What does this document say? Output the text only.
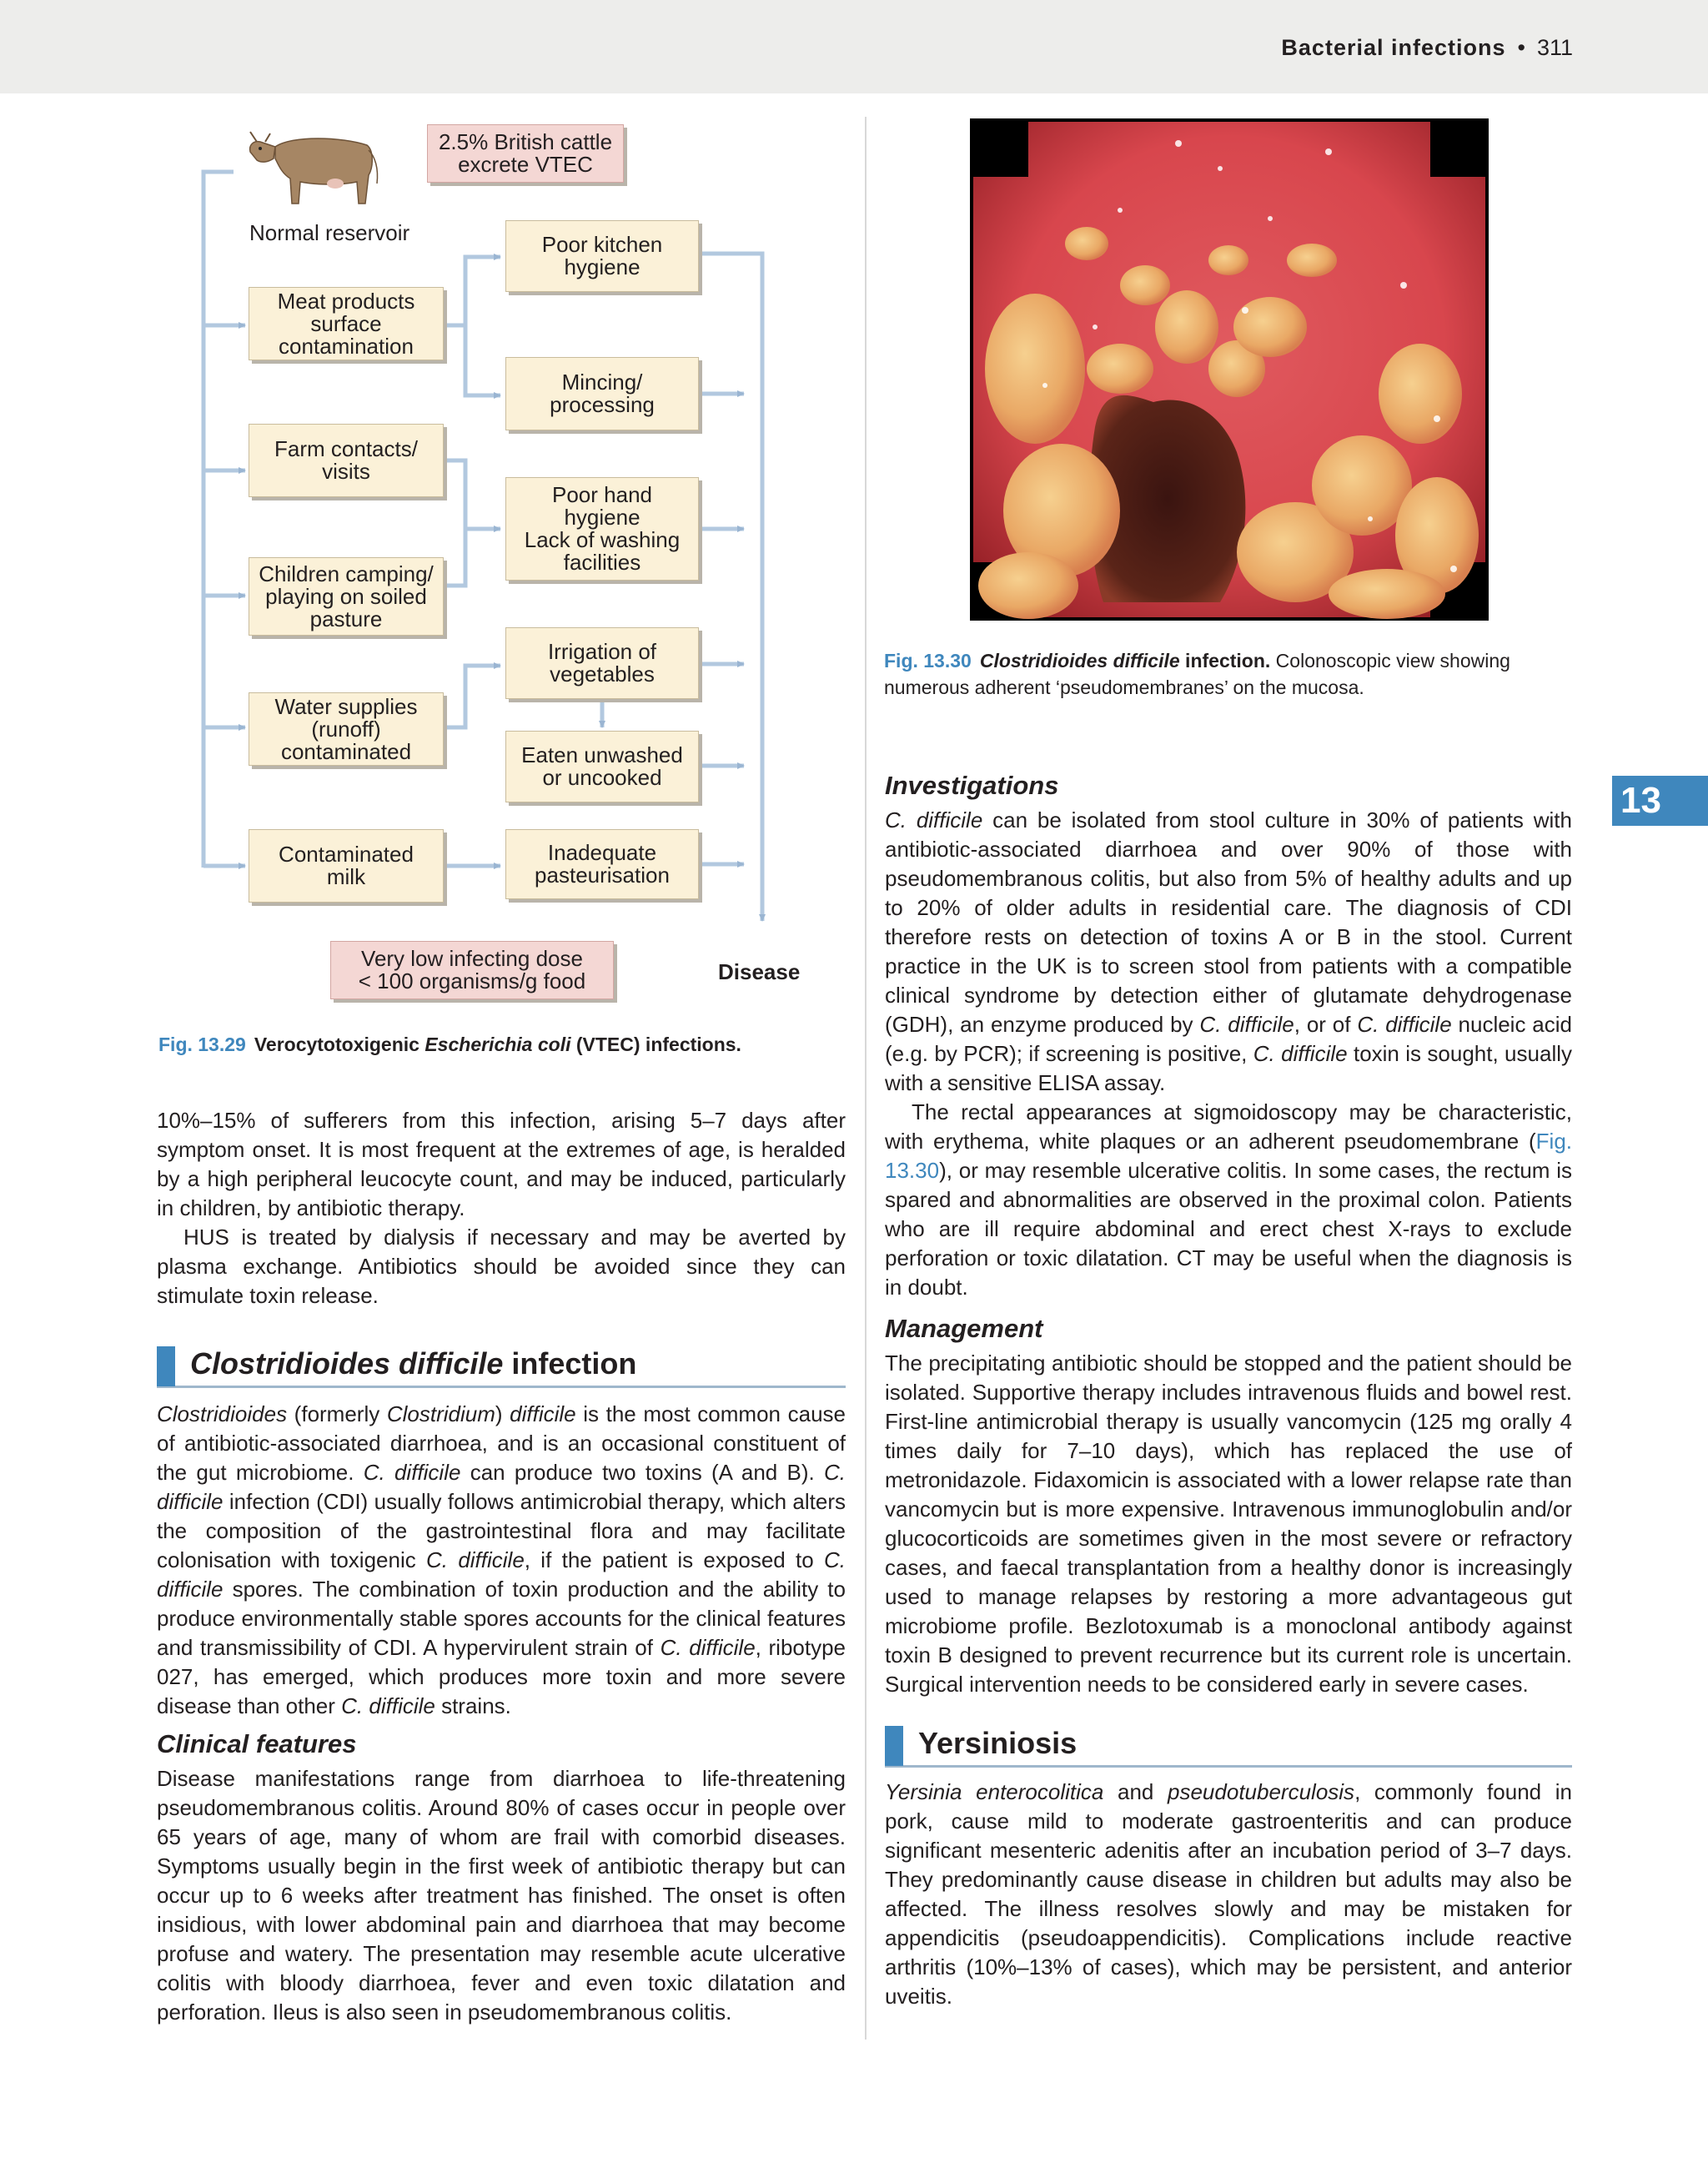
Bacterial infections • 311
13
2.5% British cattle
excrete VTEC
Normal reservoir
Meat products
surface
contamination
Farm contacts/
visits
Children camping/
playing on soiled
pasture
Water supplies
(runoff)
contaminated
Contaminated
milk
Poor kitchen
hygiene
Mincing/
processing
Poor hand
hygiene
Lack of washing
facilities
Irrigation of
vegetables
Eaten unwashed
or uncooked
Inadequate
pasteurisation
Very low infecting dose
< 100 organisms/g food	Disease
Fig. 13.29 Verocytotoxigenic Escherichia coli (VTEC) infections.
Fig. 13.30 Clostridioides difficile infection. Colonoscopic view showing numerous adherent ‘pseudomembranes’ on the mucosa.

10%–15% of sufferers from this infection, arising 5–7 days after symptom onset. It is most frequent at the extremes of age, is heralded by a high peripheral leucocyte count, and may be induced, particularly in children, by antibiotic therapy.

HUS is treated by dialysis if necessary and may be averted by plasma exchange. Antibiotics should be avoided since they can stimulate toxin release.

Clostridioides difficile infection

Clostridioides (formerly Clostridium) difficile is the most common cause of antibiotic-associated diarrhoea, and is an occasional constituent of the gut microbiome. C. difficile can produce two toxins (A and B). C. difficile infection (CDI) usually follows antimicrobial therapy, which alters the composition of the gastrointestinal flora and may facilitate colonisation with toxigenic C. difficile, if the patient is exposed to C. difficile spores. The combination of toxin production and the ability to produce environmentally stable spores accounts for the clinical features and transmissibility of CDI. A hypervirulent strain of C. difficile, ribotype 027, has emerged, which produces more toxin and more severe disease than other C. difficile strains.

Clinical features

Disease manifestations range from diarrhoea to life-threatening pseudomembranous colitis. Around 80% of cases occur in people over 65 years of age, many of whom are frail with comorbid diseases. Symptoms usually begin in the first week of antibiotic therapy but can occur up to 6 weeks after treatment has finished. The onset is often insidious, with lower abdominal pain and diarrhoea that may become profuse and watery. The presentation may resemble acute ulcerative colitis with bloody diarrhoea, fever and even toxic dilatation and perforation. Ileus is also seen in pseudomembranous colitis.

Investigations

C. difficile can be isolated from stool culture in 30% of patients with antibiotic-associated diarrhoea and over 90% of those with pseudomembranous colitis, but also from 5% of healthy adults and up to 20% of older adults in residential care. The diagnosis of CDI therefore rests on detection of toxins A or B in the stool. Current practice in the UK is to screen stool from patients with a compatible clinical syndrome by detection either of glutamate dehydrogenase (GDH), an enzyme produced by C. difficile, or of C. difficile nucleic acid (e.g. by PCR); if screening is positive, C. difficile toxin is sought, usually with a sensitive ELISA assay.

The rectal appearances at sigmoidoscopy may be characteristic, with erythema, white plaques or an adherent pseudomembrane (Fig. 13.30), or may resemble ulcerative colitis. In some cases, the rectum is spared and abnormalities are observed in the proximal colon. Patients who are ill require abdominal and erect chest X-rays to exclude perforation or toxic dilatation. CT may be useful when the diagnosis is in doubt.

Management

The precipitating antibiotic should be stopped and the patient should be isolated. Supportive therapy includes intravenous fluids and bowel rest. First-line antimicrobial therapy is usually vancomycin (125 mg orally 4 times daily for 7–10 days), which has replaced the use of metronidazole. Fidaxomicin is associated with a lower relapse rate than vancomycin but is more expensive. Intravenous immunoglobulin and/or glucocorticoids are sometimes given in the most severe or refractory cases, and faecal transplantation from a healthy donor is increasingly used to manage relapses by restoring a more advantageous gut microbiome profile. Bezlotoxumab is a monoclonal antibody against toxin B designed to prevent recurrence but its current role is uncertain. Surgical intervention needs to be considered early in severe cases.

Yersiniosis

Yersinia enterocolitica and pseudotuberculosis, commonly found in pork, cause mild to moderate gastroenteritis and can produce significant mesenteric adenitis after an incubation period of 3–7 days. They predominantly cause disease in children but adults may also be affected. The illness resolves slowly and may be mistaken for appendicitis (pseudoappendicitis). Complications include reactive arthritis (10%–13% of cases), which may be persistent, and anterior uveitis.
